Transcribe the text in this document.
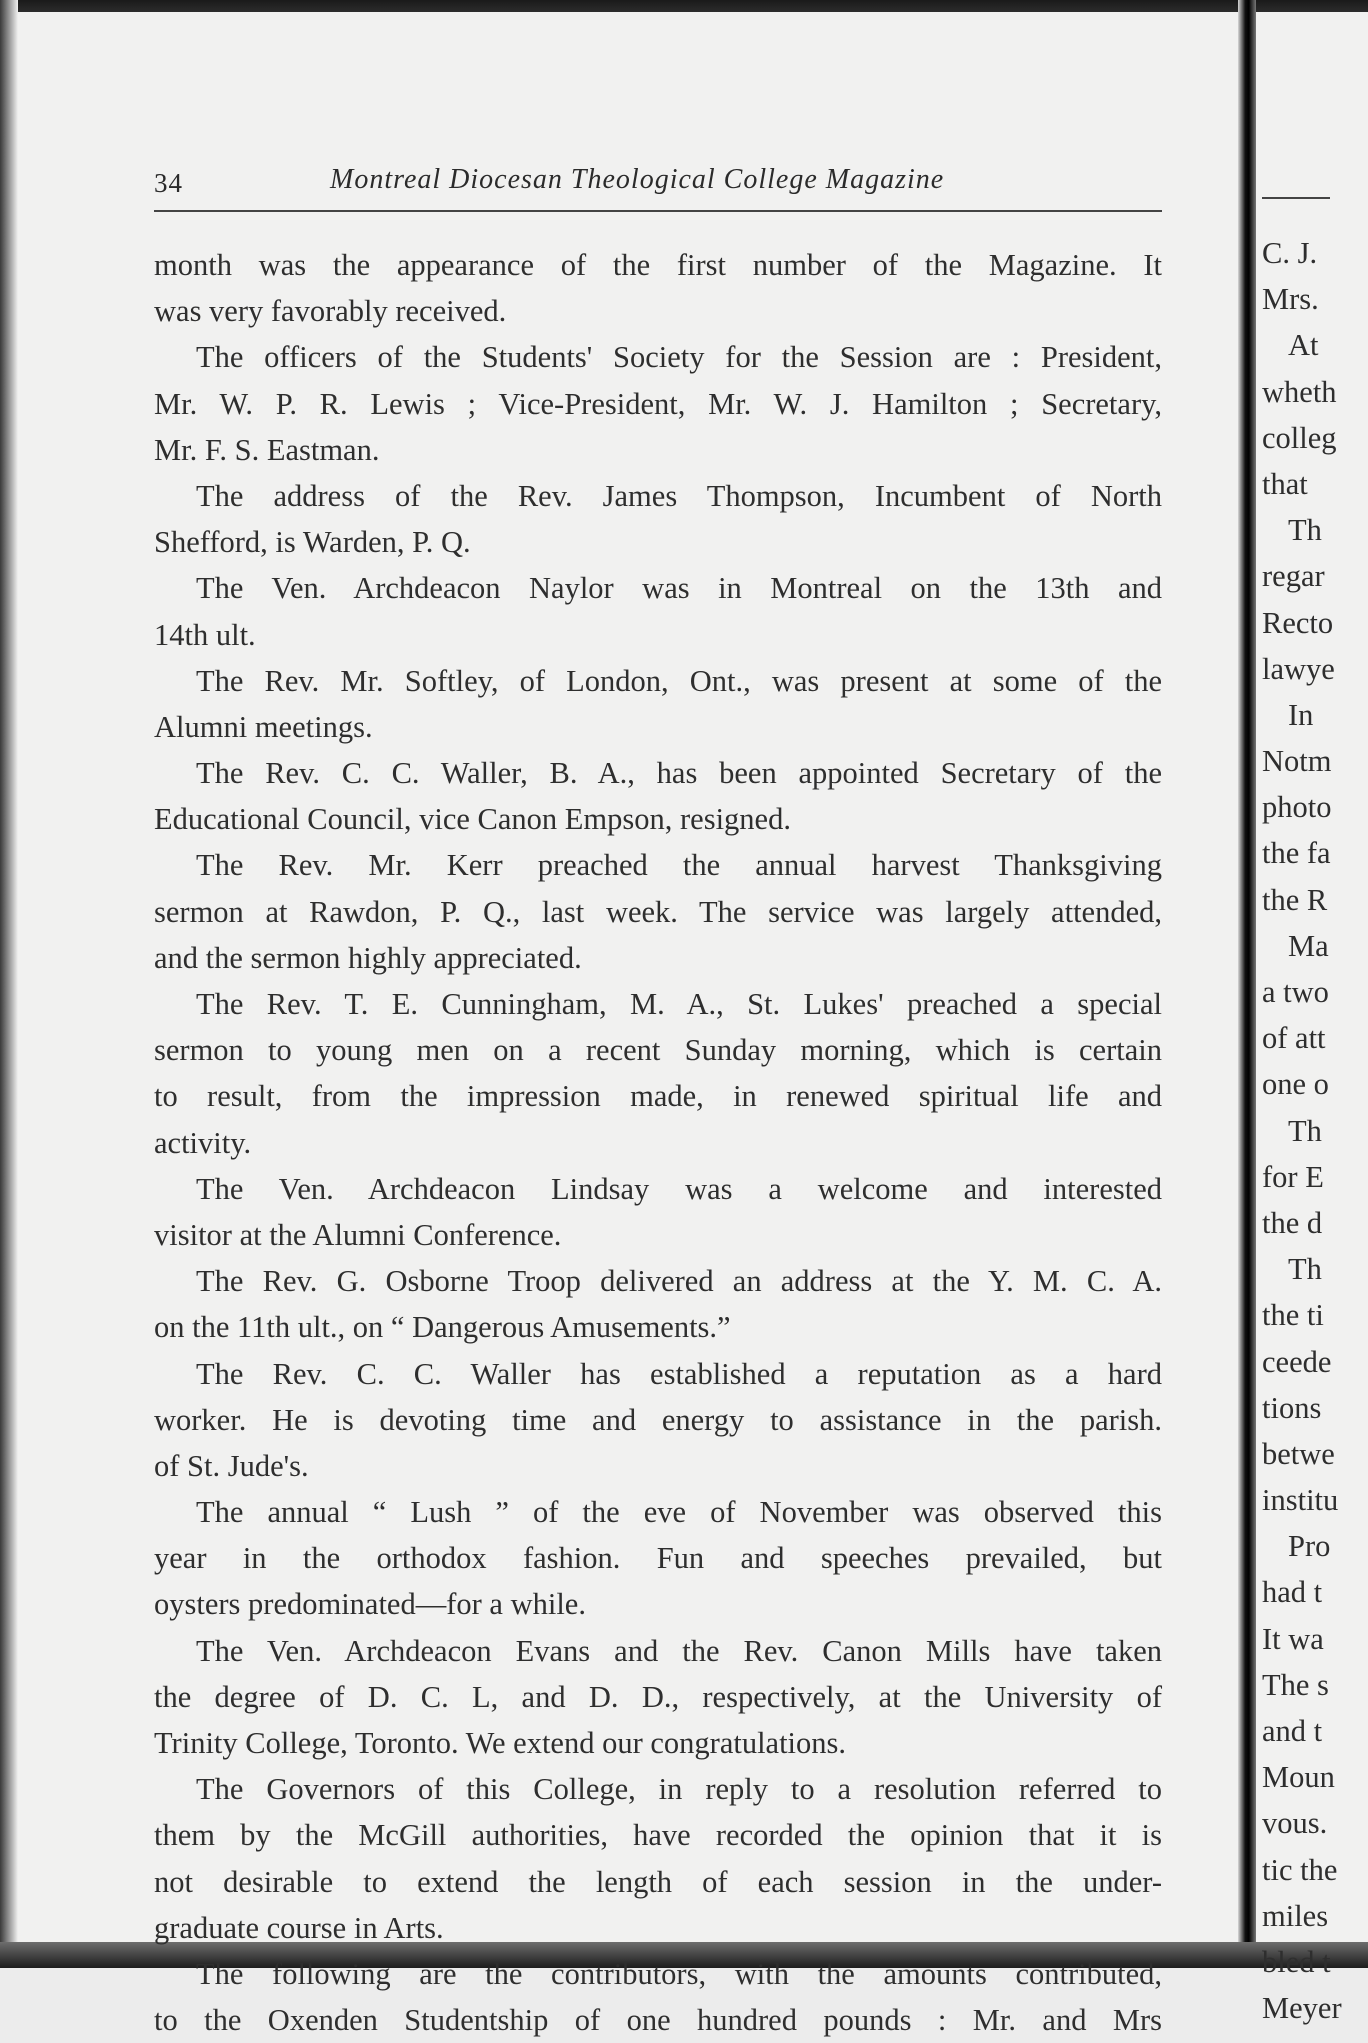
34	Montreal Diocesan Theological College Magazine
month was the appearance of the first number of the Magazine. It
was very favorably received.
The officers of the Students' Society for the Session are : President,
Mr. W. P. R. Lewis ; Vice-President, Mr. W. J. Hamilton ; Secretary,
Mr. F. S. Eastman.
The address of the Rev. James Thompson, Incumbent of North
Shefford, is Warden, P. Q.
The Ven. Archdeacon Naylor was in Montreal on the 13th and
14th ult.
The Rev. Mr. Softley, of London, Ont., was present at some of the
Alumni meetings.
The Rev. C. C. Waller, B. A., has been appointed Secretary of the
Educational Council, vice Canon Empson, resigned.
The Rev. Mr. Kerr preached the annual harvest Thanksgiving
sermon at Rawdon, P. Q., last week. The service was largely attended,
and the sermon highly appreciated.
The Rev. T. E. Cunningham, M. A., St. Lukes' preached a special
sermon to young men on a recent Sunday morning, which is certain
to result, from the impression made, in renewed spiritual life and
activity.
The Ven. Archdeacon Lindsay was a welcome and interested
visitor at the Alumni Conference.
The Rev. G. Osborne Troop delivered an address at the Y. M. C. A.
on the 11th ult., on “ Dangerous Amusements.”
The Rev. C. C. Waller has established a reputation as a hard
worker. He is devoting time and energy to assistance in the parish.
of St. Jude's.
The annual “ Lush ” of the eve of November was observed this
year in the orthodox fashion. Fun and speeches prevailed, but
oysters predominated—for a while.
The Ven. Archdeacon Evans and the Rev. Canon Mills have taken
the degree of D. C. L, and D. D., respectively, at the University of
Trinity College, Toronto. We extend our congratulations.
The Governors of this College, in reply to a resolution referred to
them by the McGill authorities, have recorded the opinion that it is
not desirable to extend the length of each session in the under-
graduate course in Arts.
The following are the contributors, with the amounts contributed,
to the Oxenden Studentship of one hundred pounds : Mr. and Mrs
C. J.
Mrs.
At
wheth
colleg
that
Th
regar
Recto
lawye
In
Notm
photo
the fa
the R
Ma
a two
of att
one o
Th
for E
the d
Th
the ti
ceede
tions
betwe
institu
Pro
had t
It wa
The s
and t
Moun
vous.
tic the
miles
bled t
Meyer
